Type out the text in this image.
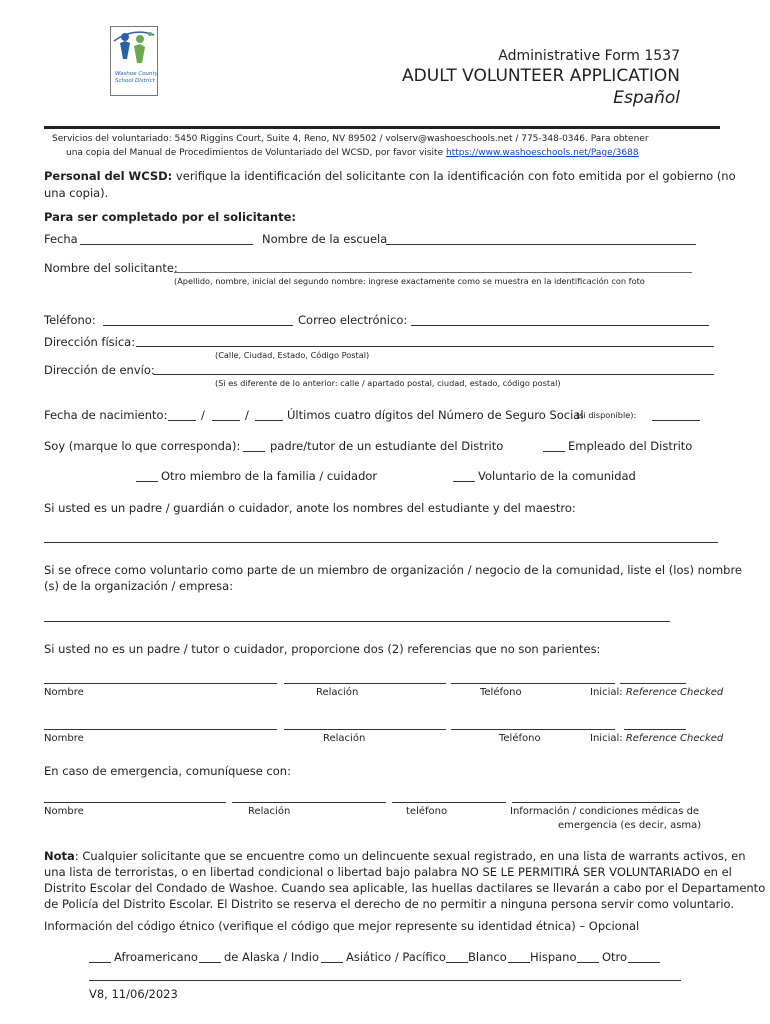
Washoe County
School District
Administrative Form 1537
ADULT VOLUNTEER APPLICATION
Español
Servicios del voluntariado: 5450 Riggins Court, Suite 4, Reno, NV 89502 / volserv@washoeschools.net / 775-348-0346. Para obtener
una copia del Manual de Procedimientos de Voluntariado del WCSD, por favor visite https://www.washoeschools.net/Page/3688
Personal del WCSD: verifique la identificación del solicitante con la identificación con foto emitida por el gobierno (no
una copia).
Para ser completado por el solicitante:
Fecha	Nombre de la escuela
Nombre del solicitante:
(Apellido, nombre, inicial del segundo nombre: ingrese exactamente como se muestra en la identificación con foto
Teléfono:	Correo electrónico:
Dirección física:
(Calle, Ciudad, Estado, Código Postal)
Dirección de envío:
(Si es diferente de lo anterior: calle / apartado postal, ciudad, estado, código postal)
Fecha de nacimiento:	/	/	Últimos cuatro dígitos del Número de Seguro Social
(si disponible):
Soy (marque lo que corresponda):	padre/tutor de un estudiante del Distrito	Empleado del Distrito
Otro miembro de la familia / cuidador	Voluntario de la comunidad
Si usted es un padre / guardián o cuidador, anote los nombres del estudiante y del maestro:
Si se ofrece como voluntario como parte de un miembro de organización / negocio de la comunidad, liste el (los) nombre
(s) de la organización / empresa:
Si usted no es un padre / tutor o cuidador, proporcione dos (2) referencias que no son parientes:
Nombre	Relación	Teléfono	Inicial: Reference Checked
Nombre	Relación	Teléfono	Inicial: Reference Checked
En caso de emergencia, comuníquese con:
Nombre	Relación	teléfono	Información / condiciones médicas de
emergencia (es decir, asma)
Nota: Cualquier solicitante que se encuentre como un delincuente sexual registrado, en una lista de warrants activos, en
una lista de terroristas, o en libertad condicional o libertad bajo palabra NO SE LE PERMITIRÁ SER VOLUNTARIADO en el
Distrito Escolar del Condado de Washoe. Cuando sea aplicable, las huellas dactilares se llevarán a cabo por el Departamento
de Policía del Distrito Escolar. El Distrito se reserva el derecho de no permitir a ninguna persona servir como voluntario.
Información del código étnico (verifique el código que mejor represente su identidad étnica) – Opcional
Afroamericano de Alaska / Indio Asiático / Pacífico Blanco Hispano Otro
V8, 11/06/2023
